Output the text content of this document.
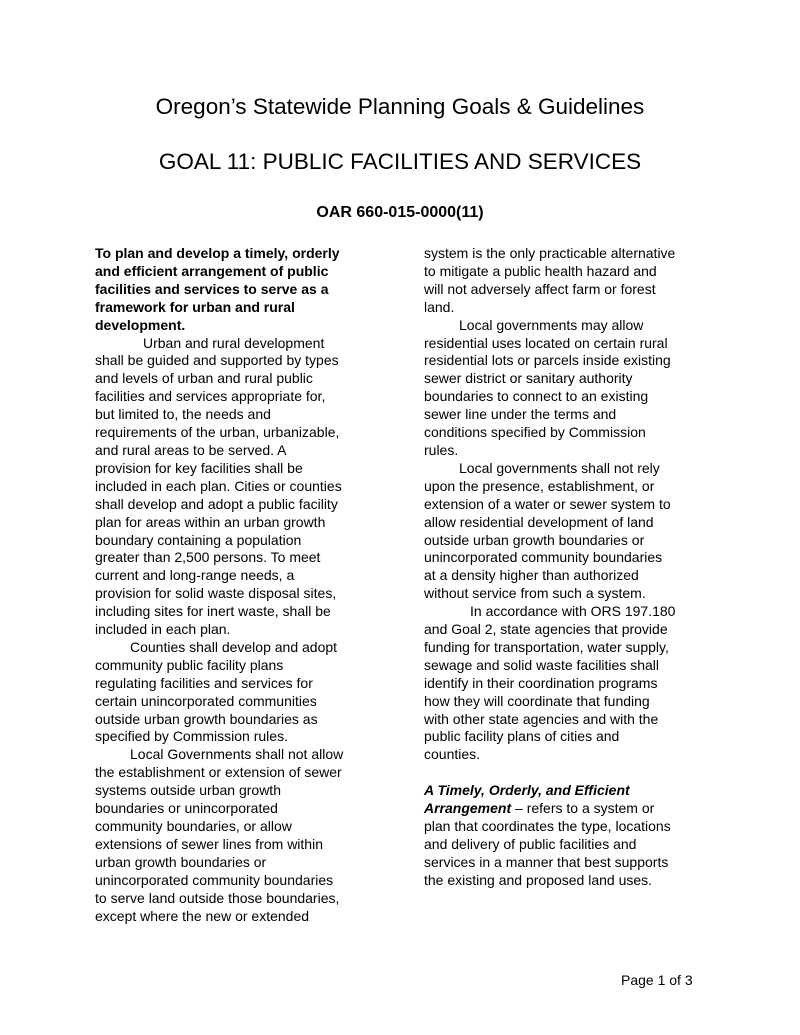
Oregon’s Statewide Planning Goals & Guidelines
GOAL 11: PUBLIC FACILITIES AND SERVICES
OAR 660-015-0000(11)
To plan and develop a timely, orderly
and efficient arrangement of public
facilities and services to serve as a
framework for urban and rural
development.
Urban and rural development
shall be guided and supported by types
and levels of urban and rural public
facilities and services appropriate for,
but limited to, the needs and
requirements of the urban, urbanizable,
and rural areas to be served. A
provision for key facilities shall be
included in each plan. Cities or counties
shall develop and adopt a public facility
plan for areas within an urban growth
boundary containing a population
greater than 2,500 persons. To meet
current and long-range needs, a
provision for solid waste disposal sites,
including sites for inert waste, shall be
included in each plan.
Counties shall develop and adopt
community public facility plans
regulating facilities and services for
certain unincorporated communities
outside urban growth boundaries as
specified by Commission rules.
Local Governments shall not allow
the establishment or extension of sewer
systems outside urban growth
boundaries or unincorporated
community boundaries, or allow
extensions of sewer lines from within
urban growth boundaries or
unincorporated community boundaries
to serve land outside those boundaries,
except where the new or extended
system is the only practicable alternative
to mitigate a public health hazard and
will not adversely affect farm or forest
land.
Local governments may allow
residential uses located on certain rural
residential lots or parcels inside existing
sewer district or sanitary authority
boundaries to connect to an existing
sewer line under the terms and
conditions specified by Commission
rules.
Local governments shall not rely
upon the presence, establishment, or
extension of a water or sewer system to
allow residential development of land
outside urban growth boundaries or
unincorporated community boundaries
at a density higher than authorized
without service from such a system.
In accordance with ORS 197.180
and Goal 2, state agencies that provide
funding for transportation, water supply,
sewage and solid waste facilities shall
identify in their coordination programs
how they will coordinate that funding
with other state agencies and with the
public facility plans of cities and
counties.
A Timely, Orderly, and Efficient
Arrangement – refers to a system or
plan that coordinates the type, locations
and delivery of public facilities and
services in a manner that best supports
the existing and proposed land uses.
Page 1 of 3
